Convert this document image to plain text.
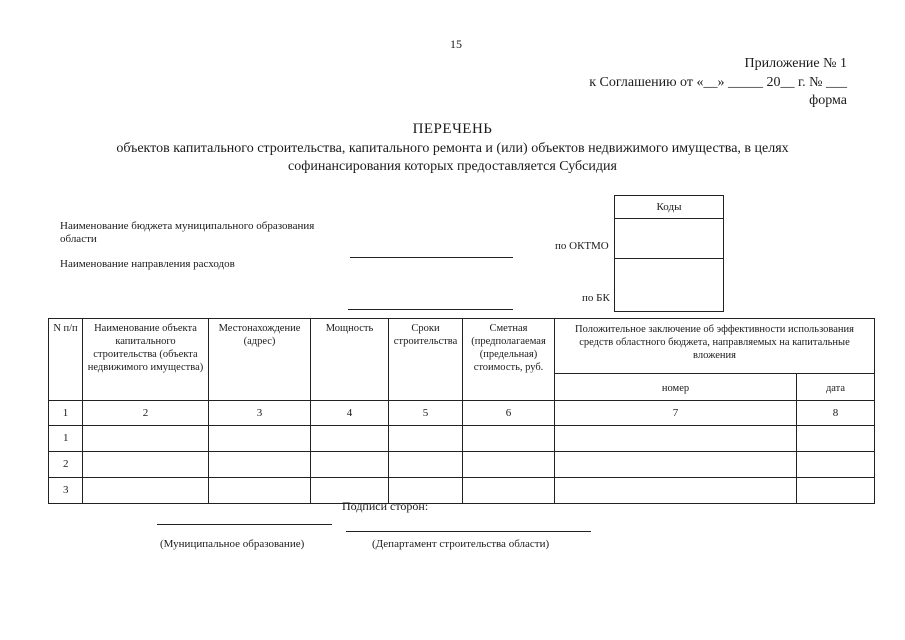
15
Приложение № 1
к Соглашению от «__» _____ 20__ г. № ___
форма
ПЕРЕЧЕНЬ
объектов капитального строительства, капитального ремонта и (или) объектов недвижимого имущества, в целях
софинансирования которых предоставляется Субсидия
Наименование бюджета муниципального образования
области
Наименование направления расходов
Коды
по ОКТМО
по БК
N п/п	Наименование объекта капитального строительства (объекта недвижимого имущества)	Местонахождение (адрес)	Мощность	Сроки строительства	Сметная (предполагаемая (предельная) стоимость, руб.	Положительное заключение об эффективности использования средств областного бюджета, направляемых на капитальные вложения	
						номер	дата
1	2	3	4	5	6	7	8
1							
2							
3							
Подписи сторон:
(Муниципальное образование)	(Департамент строительства области)
